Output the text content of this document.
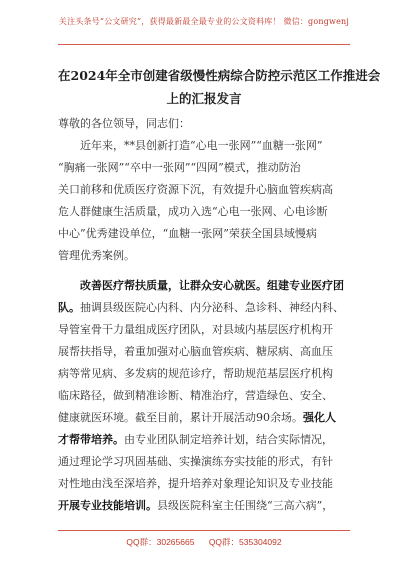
关注头条号“公文研究”，获得最新最全最专业的公文资料库！ 微信：gongwenj
在2024年全市创建省级慢性病综合防控示范区工作推进会
上的汇报发言
尊敬的各位领导，同志们：
近年来，**县创新打造“心电一张网”“血糖一张网”
“胸痛一张网”“卒中一张网”“四网”模式，推动防治
关口前移和优质医疗资源下沉，有效提升心脑血管疾病高
危人群健康生活质量，成功入选“心电一张网、心电诊断
中心”优秀建设单位，“血糖一张网”荣获全国县域慢病
管理优秀案例。
改善医疗帮扶质量，让群众安心就医。组建专业医疗团
队。抽调县级医院心内科、内分泌科、急诊科、神经内科、
导管室骨干力量组成医疗团队，对县域内基层医疗机构开
展帮扶指导，着重加强对心脑血管疾病、糖尿病、高血压
病等常见病、多发病的规范诊疗，帮助规范基层医疗机构
临床路径，做到精准诊断、精准治疗，营造绿色、安全、
健康就医环境。截至目前，累计开展活动90余场。强化人
才帮带培养。由专业团队制定培养计划，结合实际情况，
通过理论学习巩固基础、实操演练夯实技能的形式，有针
对性地由浅至深培养，提升培养对象理论知识及专业技能
开展专业技能培训。县级医院科室主任围绕“三高六病”，
QQ群：30265665 QQ群：535304092
